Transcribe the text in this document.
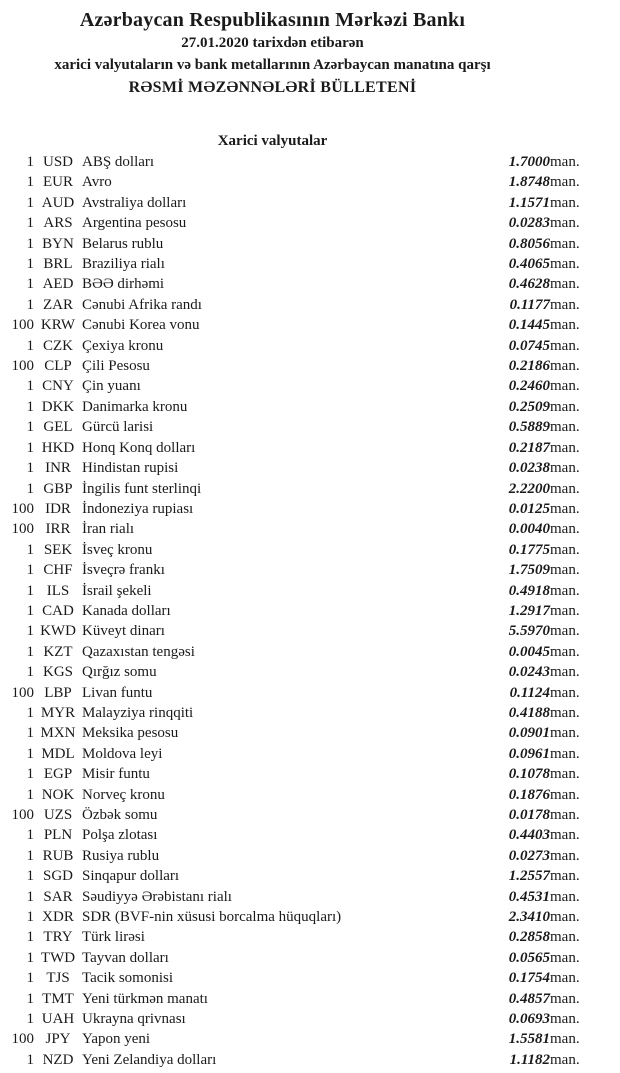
Azərbaycan Respublikasının Mərkəzi Bankı
27.01.2020 tarixdən etibarən
xarici valyutaların və bank metallarının Azərbaycan manatına qarşı
RƏSMİ MƏZƏNNƏLƏRİ BÜLLETENİ
Xarici valyutalar
1	USD	ABŞ dolları	1.7000	man.
1	EUR	Avro	1.8748	man.
1	AUD	Avstraliya dolları	1.1571	man.
1	ARS	Argentina pesosu	0.0283	man.
1	BYN	Belarus rublu	0.8056	man.
1	BRL	Braziliya rialı	0.4065	man.
1	AED	BƏƏ dirhəmi	0.4628	man.
1	ZAR	Cənubi Afrika randı	0.1177	man.
100	KRW	Cənubi Korea vonu	0.1445	man.
1	CZK	Çexiya kronu	0.0745	man.
100	CLP	Çili Pesosu	0.2186	man.
1	CNY	Çin yuanı	0.2460	man.
1	DKK	Danimarka kronu	0.2509	man.
1	GEL	Gürcü larisi	0.5889	man.
1	HKD	Honq Konq dolları	0.2187	man.
1	INR	Hindistan rupisi	0.0238	man.
1	GBP	İngilis funt sterlinqi	2.2200	man.
100	IDR	İndoneziya rupiası	0.0125	man.
100	IRR	İran rialı	0.0040	man.
1	SEK	İsveç kronu	0.1775	man.
1	CHF	İsveçrə frankı	1.7509	man.
1	ILS	İsrail şekeli	0.4918	man.
1	CAD	Kanada dolları	1.2917	man.
1	KWD	Küveyt dinarı	5.5970	man.
1	KZT	Qazaxıstan tengəsi	0.0045	man.
1	KGS	Qırğız somu	0.0243	man.
100	LBP	Livan funtu	0.1124	man.
1	MYR	Malayziya rinqqiti	0.4188	man.
1	MXN	Meksika pesosu	0.0901	man.
1	MDL	Moldova leyi	0.0961	man.
1	EGP	Misir funtu	0.1078	man.
1	NOK	Norveç kronu	0.1876	man.
100	UZS	Özbək somu	0.0178	man.
1	PLN	Polşa zlotası	0.4403	man.
1	RUB	Rusiya rublu	0.0273	man.
1	SGD	Sinqapur dolları	1.2557	man.
1	SAR	Səudiyyə Ərəbistanı rialı	0.4531	man.
1	XDR	SDR (BVF-nin xüsusi borcalma hüquqları)	2.3410	man.
1	TRY	Türk lirəsi	0.2858	man.
1	TWD	Tayvan dolları	0.0565	man.
1	TJS	Tacik somonisi	0.1754	man.
1	TMT	Yeni türkmən manatı	0.4857	man.
1	UAH	Ukrayna qrivnası	0.0693	man.
100	JPY	Yapon yeni	1.5581	man.
1	NZD	Yeni Zelandiya dolları	1.1182	man.
